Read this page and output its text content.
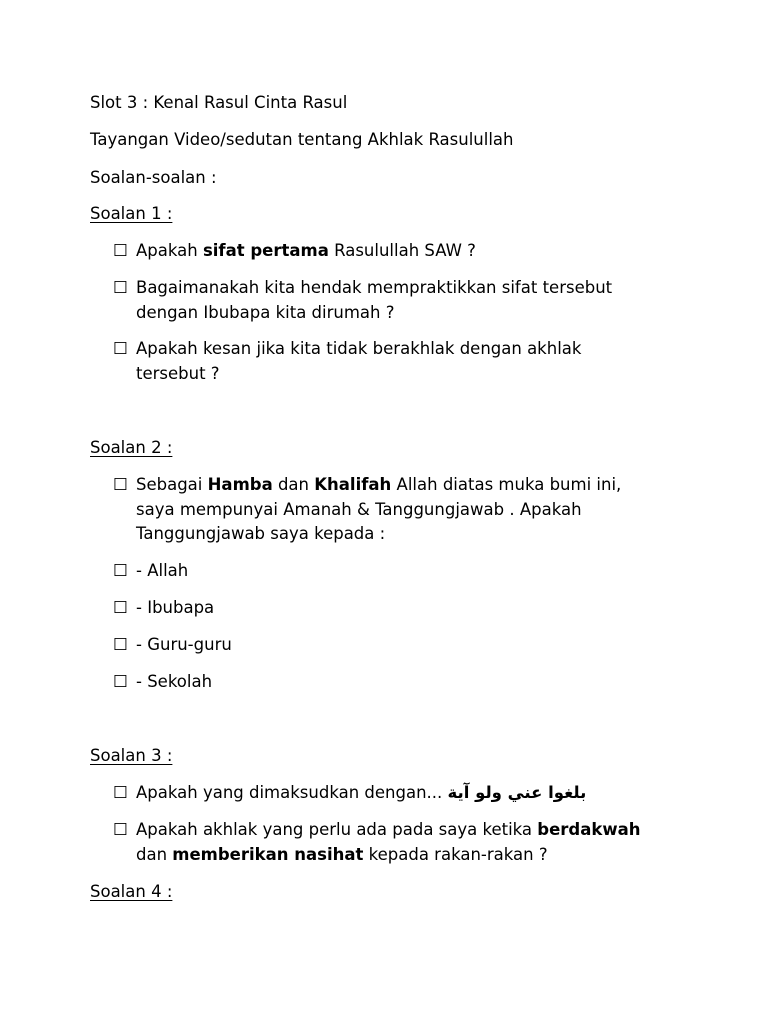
Slot 3 : Kenal Rasul Cinta Rasul
Tayangan Video/sedutan tentang Akhlak Rasulullah
Soalan-soalan :
Soalan 1 :
☐ Apakah sifat pertama Rasulullah SAW ?
☐ Bagaimanakah kita hendak mempraktikkan sifat tersebut
dengan Ibubapa kita dirumah ?
☐ Apakah kesan jika kita tidak berakhlak dengan akhlak
tersebut ?
Soalan 2 :
☐ Sebagai Hamba dan Khalifah Allah diatas muka bumi ini,
saya mempunyai Amanah & Tanggungjawab . Apakah
Tanggungjawab saya kepada :
☐ - Allah
☐ - Ibubapa
☐ - Guru-guru
☐ - Sekolah
Soalan 3 :
☐ Apakah yang dimaksudkan dengan... بلغوا عني ولو آية
☐ Apakah akhlak yang perlu ada pada saya ketika berdakwah
dan memberikan nasihat kepada rakan-rakan ?
Soalan 4 :
